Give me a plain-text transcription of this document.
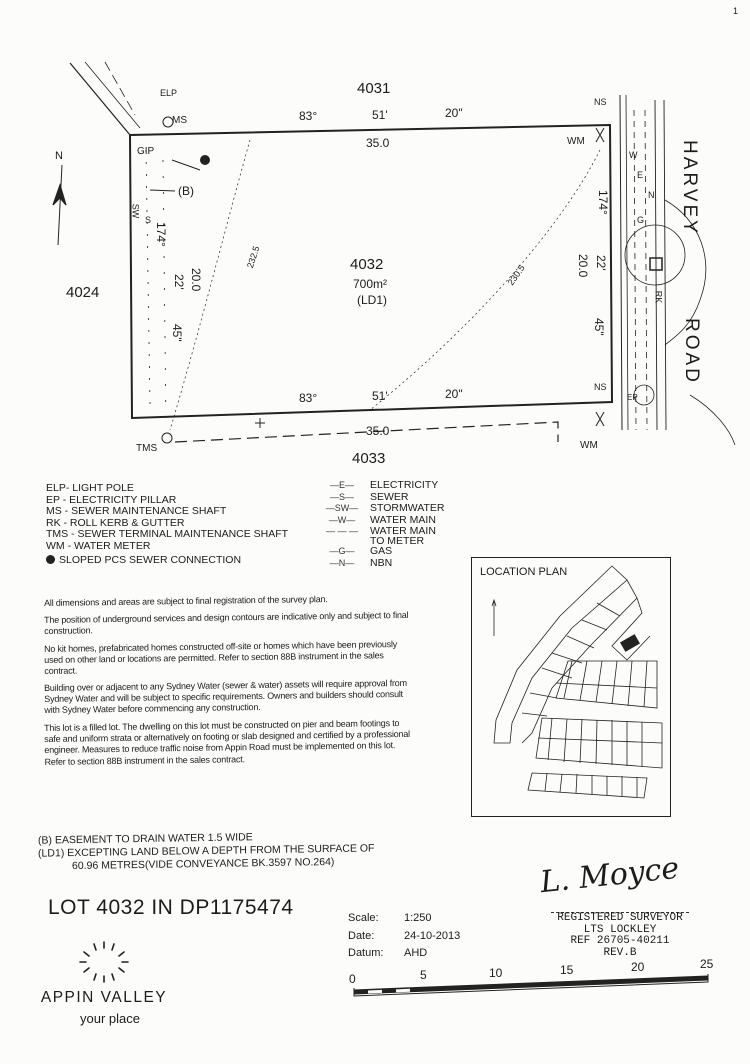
N
4031
4033
4024
4032
700m²
(LD1)
35.0
35.0
83°	51'	20"
83°	51'	20"
174°
20.0
22'
45"
174°
20.0 22'
45"
232.5
230.5
HARVEY
ROAD
MS
GIP
(B)
WM
WM
TMS
NS
NS
EP
RK
ELP
SW
S
W
E
N
G
1
ELP- LIGHT POLE
EP - ELECTRICITY PILLAR
MS - SEWER MAINTENANCE SHAFT
RK - ROLL KERB & GUTTER
TMS - SEWER TERMINAL MAINTENANCE SHAFT
WM - WATER METER
SLOPED PCS SEWER CONNECTION
—E—	ELECTRICITY
—S—	SEWER
—SW—	STORMWATER
—W—	WATER MAIN
— — —	WATER MAIN TO METER
—G—	GAS
—N—	NBN

All dimensions and areas are subject to final registration of the survey plan.

The position of underground services and design contours are indicative only and subject to final construction.

No kit homes, prefabricated homes constructed off-site or homes which have been previously used on other land or locations are permitted. Refer to section 88B instrument in the sales contract.

Building over or adjacent to any Sydney Water (sewer & water) assets will require approval from Sydney Water and will be subject to specific requirements. Owners and builders should consult with Sydney Water before commencing any construction.

This lot is a filled lot. The dwelling on this lot must be constructed on pier and beam footings to safe and uniform strata or alternatively on footing or slab designed and certified by a professional engineer. Measures to reduce traffic noise from Appin Road must be implemented on this lot. Refer to section 88B instrument in the sales contract.

(B) EASEMENT TO DRAIN WATER 1.5 WIDE
(LD1) EXCEPTING LAND BELOW A DEPTH FROM THE SURFACE OF
60.96 METRES(VIDE CONVEYANCE BK.3597 NO.264)
LOCATION PLAN
LOT 4032 IN DP1175474	Scale:	1:250
Date:	24-10-2013
Datum:	AHD
L. Moyce
REGISTERED SURVEYOR
LTS LOCKLEY
REF 26705-40211
REV.B
0	5	10	15	20	25
APPIN VALLEY
your place
